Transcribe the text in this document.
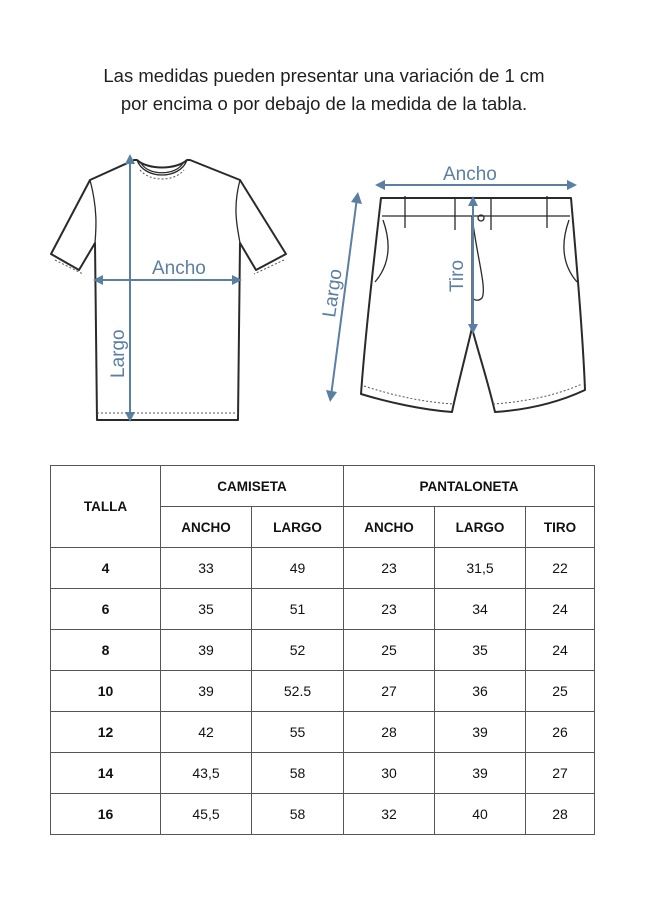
Las medidas pueden presentar una variación de 1 cm
por encima o por debajo de la medida de la tabla.
Ancho
Largo
Ancho
Tiro
Largo
TALLA	CAMISETA		PANTALONETA		
	ANCHO	LARGO	ANCHO	LARGO	TIRO
4	33	49	23	31,5	22
6	35	51	23	34	24
8	39	52	25	35	24
10	39	52.5	27	36	25
12	42	55	28	39	26
14	43,5	58	30	39	27
16	45,5	58	32	40	28
